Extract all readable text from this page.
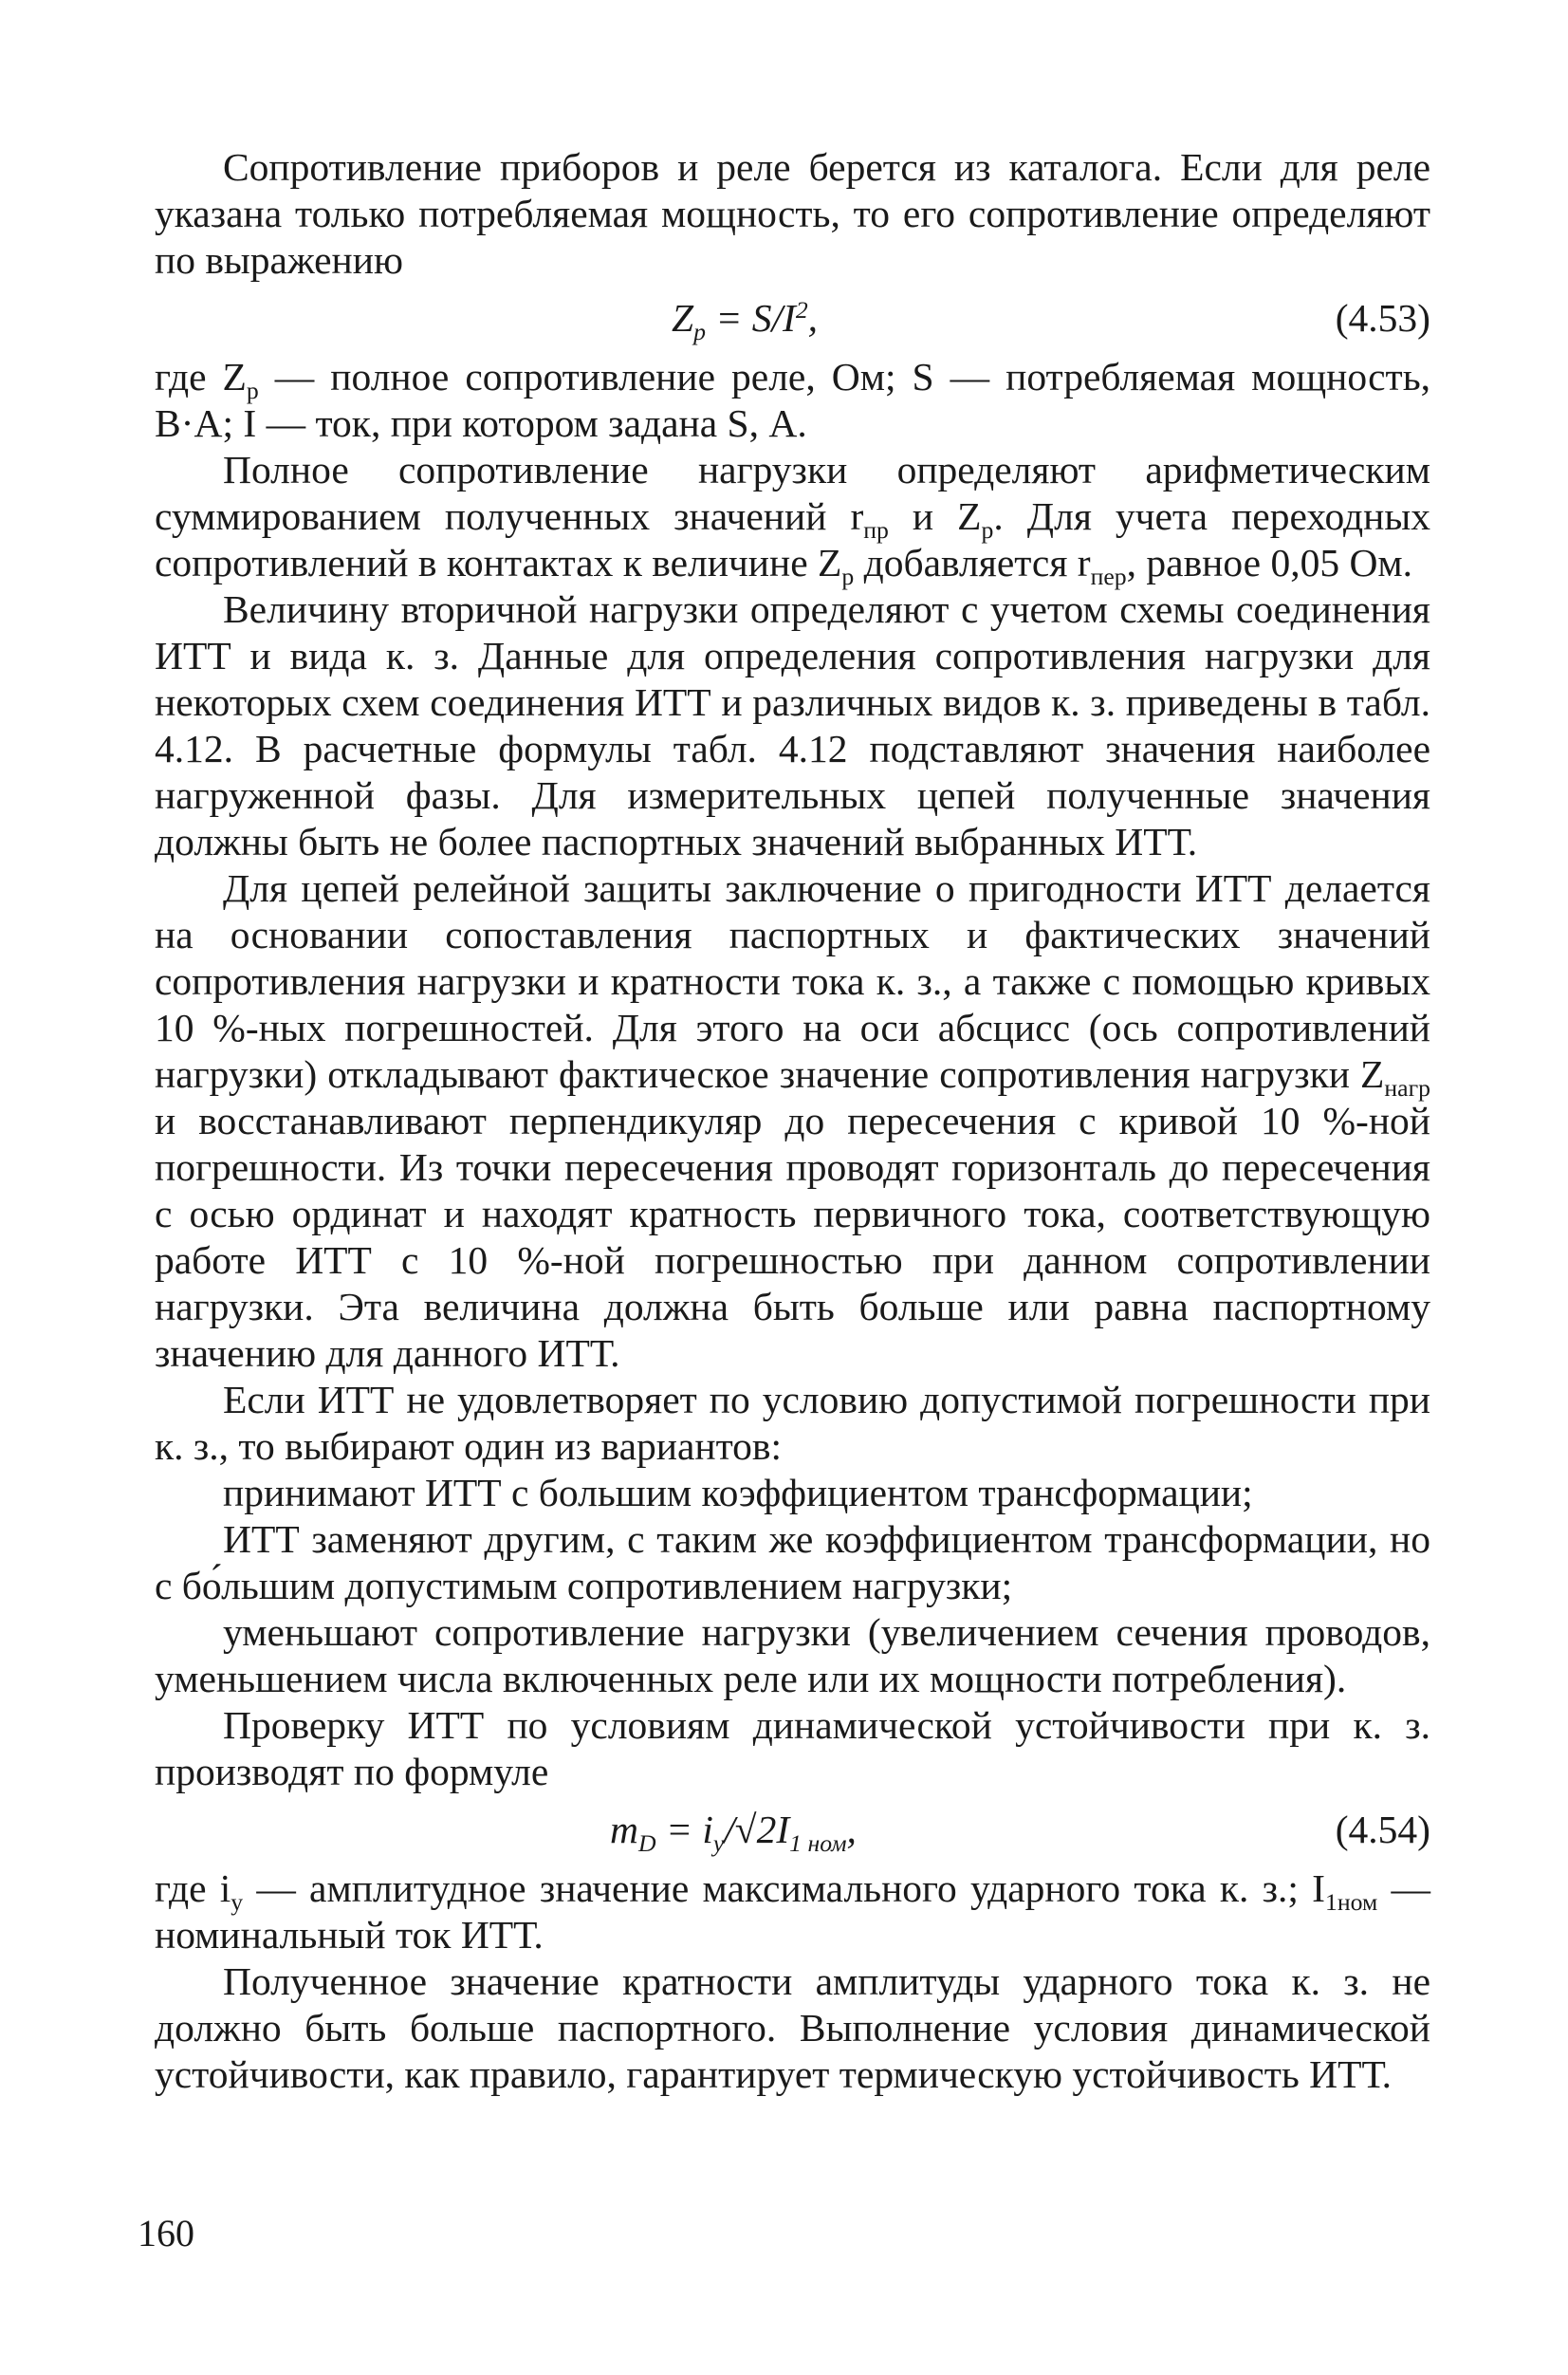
Сопротивление приборов и реле берется из каталога. Если для реле указана только потребляемая мощность, то его сопротивление определяют по выражению

$Z_р = S/I^2$,	(4.53)

где $Z_р$ — полное сопротивление реле, Ом; S — потребляемая мощность, В·А; I — ток, при котором задана S, А.

Полное сопротивление нагрузки определяют арифметическим суммированием полученных значений $r_{пр}$ и $Z_р$. Для учета переходных сопротивлений в контактах к величине $Z_р$ добавляется $r_{пер}$, равное 0,05 Ом.

Величину вторичной нагрузки определяют с учетом схемы соединения ИТТ и вида к. з. Данные для определения сопротивления нагрузки для некоторых схем соединения ИТТ и различных видов к. з. приведены в табл. 4.12. В расчетные формулы табл. 4.12 подставляют значения наиболее нагруженной фазы. Для измерительных цепей полученные значения должны быть не более паспортных значений выбранных ИТТ.

Для цепей релейной защиты заключение о пригодности ИТТ делается на основании сопоставления паспортных и фактических значений сопротивления нагрузки и кратности тока к. з., а также с помощью кривых 10 %-ных погрешностей. Для этого на оси абсцисс (ось сопротивлений нагрузки) откладывают фактическое значение сопротивления нагрузки $Z_{нагр}$ и восстанавливают перпендикуляр до пересечения с кривой 10 %-ной погрешности. Из точки пересечения проводят горизонталь до пересечения с осью ординат и находят кратность первичного тока, соответствующую работе ИТТ с 10 %-ной погрешностью при данном сопротивлении нагрузки. Эта величина должна быть больше или равна паспортному значению для данного ИТТ.

Если ИТТ не удовлетворяет по условию допустимой погрешности при к. з., то выбирают один из вариантов:

принимают ИТТ с большим коэффициентом трансформации;

ИТТ заменяют другим, с таким же коэффициентом трансформации, но с бо́льшим допустимым сопротивлением нагрузки;

уменьшают сопротивление нагрузки (увеличением сечения проводов, уменьшением числа включенных реле или их мощности потребления).

Проверку ИТТ по условиям динамической устойчивости при к. з. производят по формуле

$m_D = i_у/√2I_{1 ном}$,	(4.54)

где $i_у$ — амплитудное значение максимального ударного тока к. з.; $I_{1ном}$ — номинальный ток ИТТ.

Полученное значение кратности амплитуды ударного тока к. з. не должно быть больше паспортного. Выполнение условия динамической устойчивости, как правило, гарантирует термическую устойчивость ИТТ.

160
